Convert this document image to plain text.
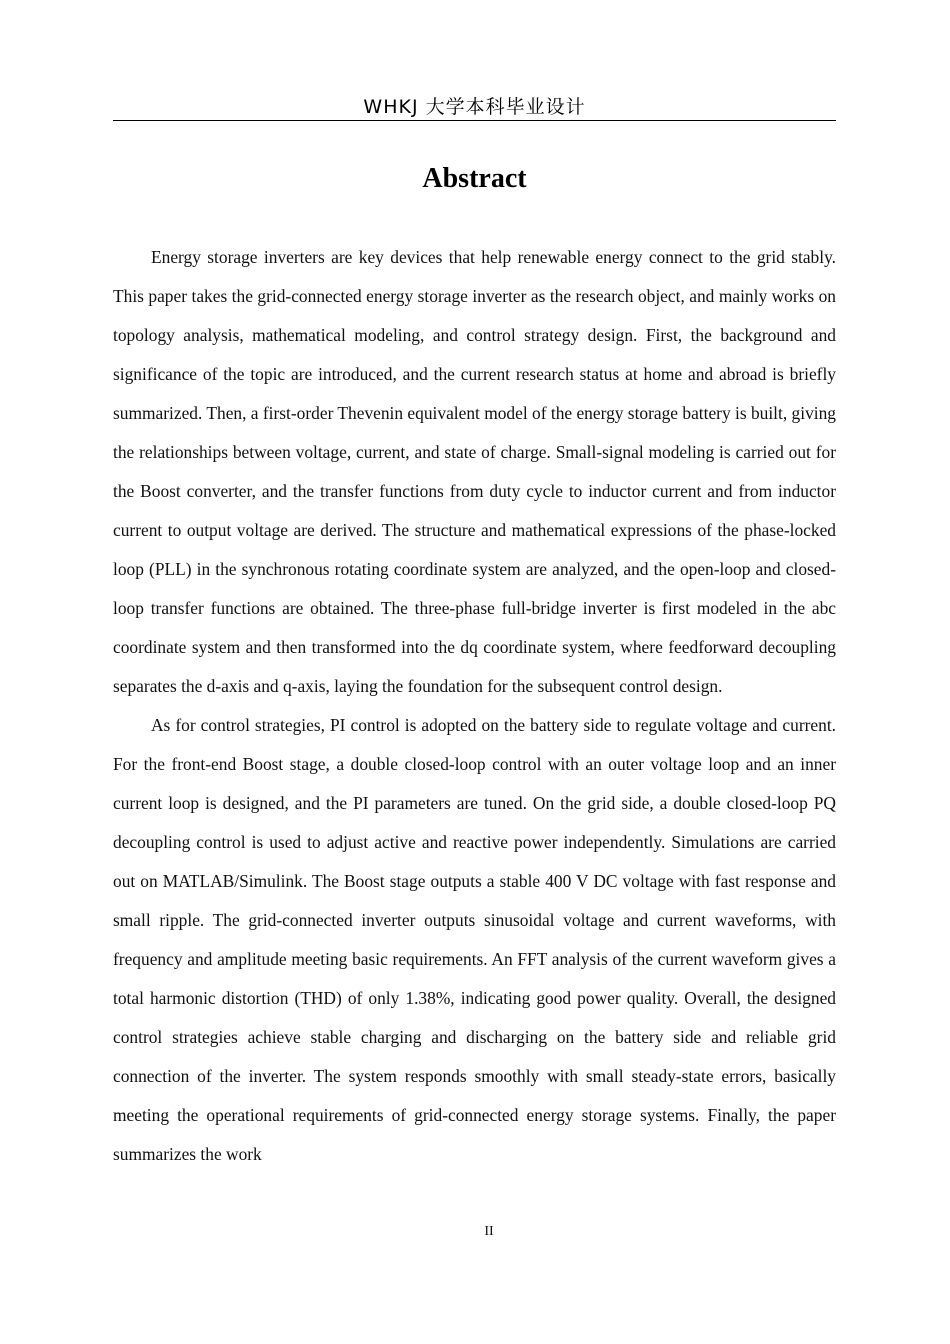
WHKJ 大学本科毕业设计
Abstract

Energy storage inverters are key devices that help renewable energy connect to the grid stably. This paper takes the grid-connected energy storage inverter as the research object, and mainly works on topology analysis, mathematical modeling, and control strategy design. First, the background and significance of the topic are introduced, and the current research status at home and abroad is briefly summarized. Then, a first-order Thevenin equivalent model of the energy storage battery is built, giving the relationships between voltage, current, and state of charge. Small-signal modeling is carried out for the Boost converter, and the transfer functions from duty cycle to inductor current and from inductor current to output voltage are derived. The structure and mathematical expressions of the phase-locked loop (PLL) in the synchronous rotating coordinate system are analyzed, and the open-loop and closed-loop transfer functions are obtained. The three-phase full-bridge inverter is first modeled in the abc coordinate system and then transformed into the dq coordinate system, where feedforward decoupling separates the d-axis and q-axis, laying the foundation for the subsequent control design.

As for control strategies, PI control is adopted on the battery side to regulate voltage and current. For the front-end Boost stage, a double closed-loop control with an outer voltage loop and an inner current loop is designed, and the PI parameters are tuned. On the grid side, a double closed-loop PQ decoupling control is used to adjust active and reactive power independently. Simulations are carried out on MATLAB/Simulink. The Boost stage outputs a stable 400 V DC voltage with fast response and small ripple. The grid-connected inverter outputs sinusoidal voltage and current waveforms, with frequency and amplitude meeting basic requirements. An FFT analysis of the current waveform gives a total harmonic distortion (THD) of only 1.38%, indicating good power quality. Overall, the designed control strategies achieve stable charging and discharging on the battery side and reliable grid connection of the inverter. The system responds smoothly with small steady-state errors, basically meeting the operational requirements of grid-connected energy storage systems. Finally, the paper summarizes the work

II
